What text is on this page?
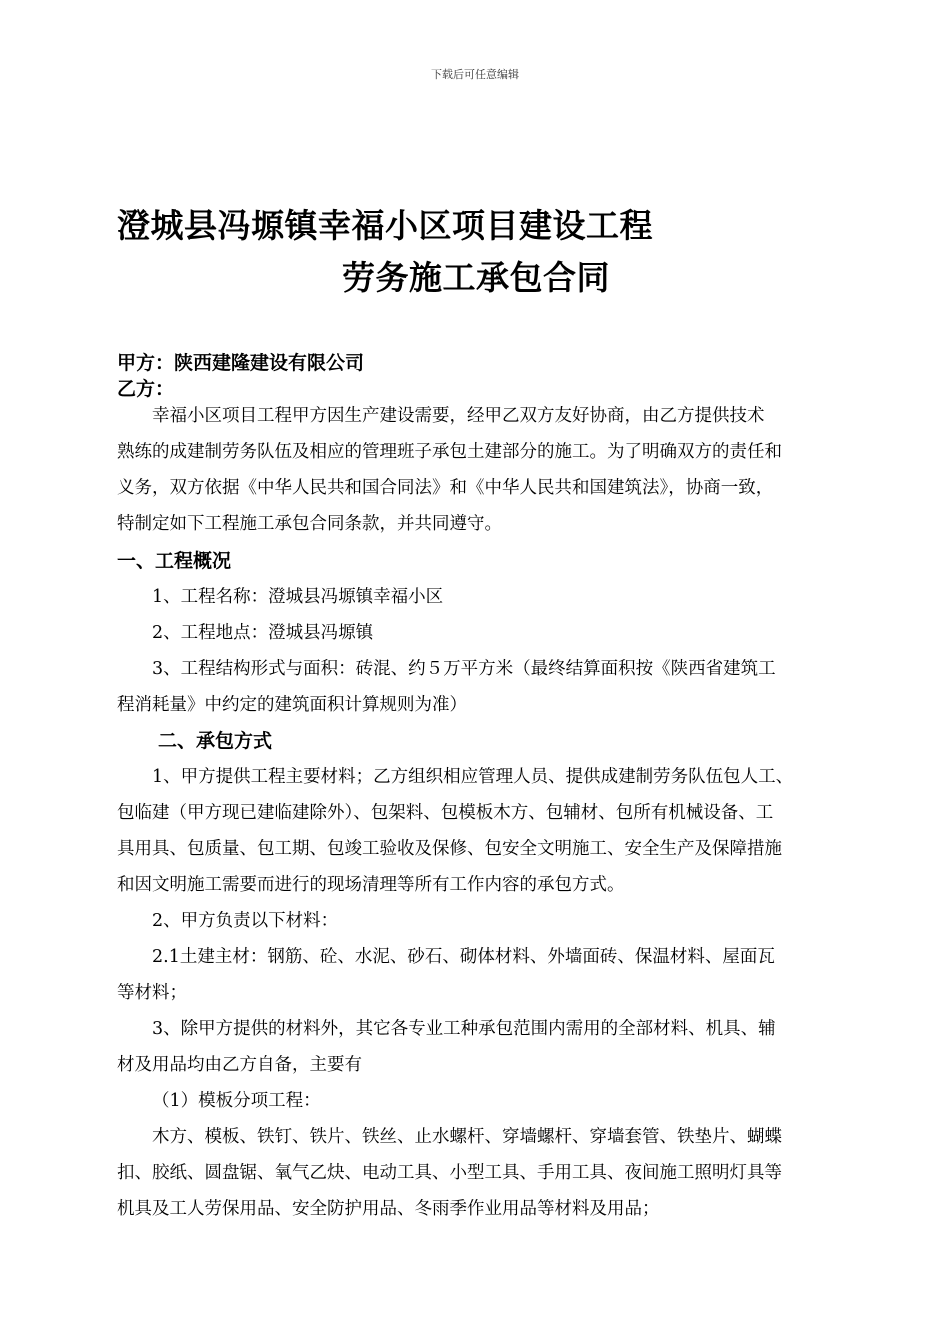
下载后可任意编辑
澄城县冯塬镇幸福小区项目建设工程
劳务施工承包合同
甲方：陕西建隆建设有限公司
乙方：
幸福小区项目工程甲方因生产建设需要，经甲乙双方友好协商，由乙方提供技术
熟练的成建制劳务队伍及相应的管理班子承包土建部分的施工。为了明确双方的责任和
义务，双方依据《中华人民共和国合同法》和《中华人民共和国建筑法》，协商一致，
特制定如下工程施工承包合同条款，并共同遵守。
一、工程概况
1、工程名称：澄城县冯塬镇幸福小区
2、工程地点：澄城县冯塬镇
3、工程结构形式与面积：砖混、约５万平方米（最终结算面积按《陕西省建筑工
程消耗量》中约定的建筑面积计算规则为准）
二、承包方式
1、甲方提供工程主要材料；乙方组织相应管理人员、提供成建制劳务队伍包人工、
包临建（甲方现已建临建除外）、包架料、包模板木方、包辅材、包所有机械设备、工
具用具、包质量、包工期、包竣工验收及保修、包安全文明施工、安全生产及保障措施
和因文明施工需要而进行的现场清理等所有工作内容的承包方式。
2、甲方负责以下材料：
2.1土建主材：钢筋、砼、水泥、砂石、砌体材料、外墙面砖、保温材料、屋面瓦
等材料；
3、除甲方提供的材料外，其它各专业工种承包范围内需用的全部材料、机具、辅
材及用品均由乙方自备，主要有
（1）模板分项工程：
木方、模板、铁钉、铁片、铁丝、止水螺杆、穿墙螺杆、穿墙套管、铁垫片、蝴蝶
扣、胶纸、圆盘锯、氧气乙炔、电动工具、小型工具、手用工具、夜间施工照明灯具等
机具及工人劳保用品、安全防护用品、冬雨季作业用品等材料及用品；
